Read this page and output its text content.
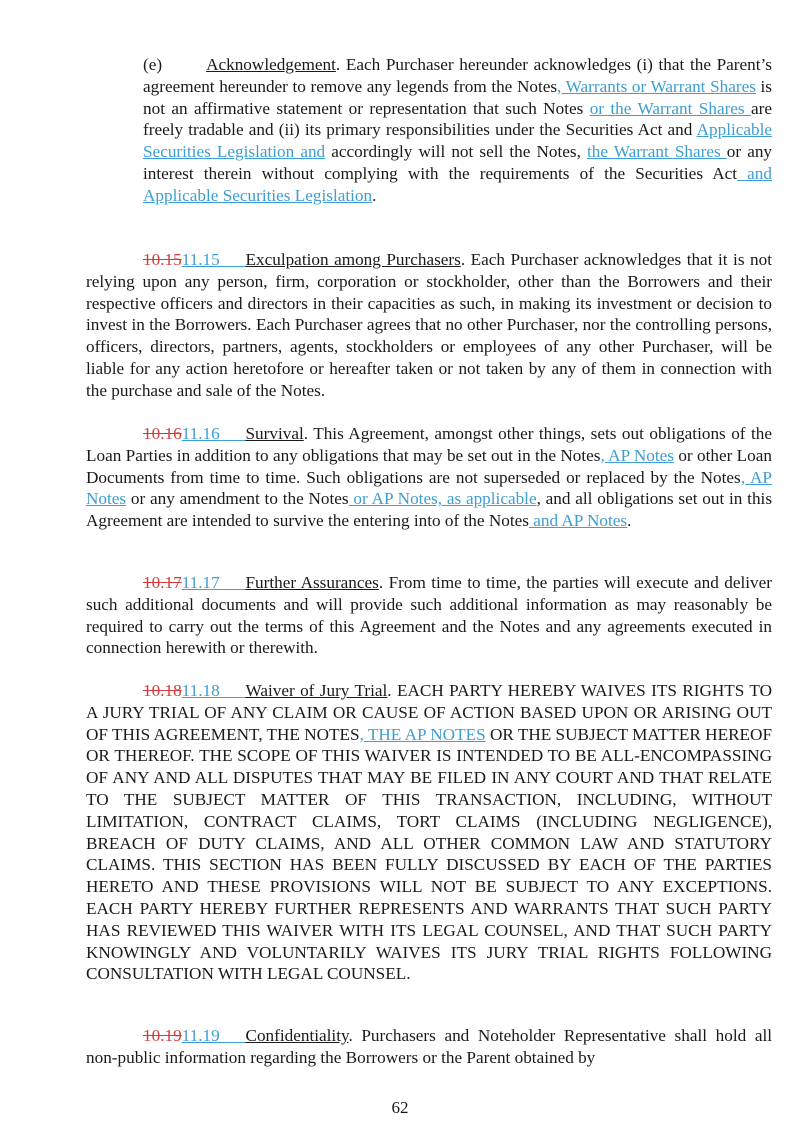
(e)	Acknowledgement. Each Purchaser hereunder acknowledges (i) that the Parent’s agreement hereunder to remove any legends from the Notes, Warrants or Warrant Shares is not an affirmative statement or representation that such Notes or the Warrant Shares are freely tradable and (ii) its primary responsibilities under the Securities Act and Applicable Securities Legislation and accordingly will not sell the Notes, the Warrant Shares or any interest therein without complying with the requirements of the Securities Act and Applicable Securities Legislation.

10.1511.15   Exculpation among Purchasers. Each Purchaser acknowledges that it is not relying upon any person, firm, corporation or stockholder, other than the Borrowers and their respective officers and directors in their capacities as such, in making its investment or decision to invest in the Borrowers. Each Purchaser agrees that no other Purchaser, nor the controlling persons, officers, directors, partners, agents, stockholders or employees of any other Purchaser, will be liable for any action heretofore or hereafter taken or not taken by any of them in connection with the purchase and sale of the Notes.

10.1611.16   Survival. This Agreement, amongst other things, sets out obligations of the Loan Parties in addition to any obligations that may be set out in the Notes, AP Notes or other Loan Documents from time to time. Such obligations are not superseded or replaced by the Notes, AP Notes or any amendment to the Notes or AP Notes, as applicable, and all obligations set out in this Agreement are intended to survive the entering into of the Notes and AP Notes.

10.1711.17   Further Assurances. From time to time, the parties will execute and deliver such additional documents and will provide such additional information as may reasonably be required to carry out the terms of this Agreement and the Notes and any agreements executed in connection herewith or therewith.

10.1811.18   Waiver of Jury Trial. EACH PARTY HEREBY WAIVES ITS RIGHTS TO A JURY TRIAL OF ANY CLAIM OR CAUSE OF ACTION BASED UPON OR ARISING OUT OF THIS AGREEMENT, THE NOTES, THE AP NOTES OR THE SUBJECT MATTER HEREOF OR THEREOF. THE SCOPE OF THIS WAIVER IS INTENDED TO BE ALL-ENCOMPASSING OF ANY AND ALL DISPUTES THAT MAY BE FILED IN ANY COURT AND THAT RELATE TO THE SUBJECT MATTER OF THIS TRANSACTION, INCLUDING, WITHOUT LIMITATION, CONTRACT CLAIMS, TORT CLAIMS (INCLUDING NEGLIGENCE), BREACH OF DUTY CLAIMS, AND ALL OTHER COMMON LAW AND STATUTORY CLAIMS. THIS SECTION HAS BEEN FULLY DISCUSSED BY EACH OF THE PARTIES HERETO AND THESE PROVISIONS WILL NOT BE SUBJECT TO ANY EXCEPTIONS. EACH PARTY HEREBY FURTHER REPRESENTS AND WARRANTS THAT SUCH PARTY HAS REVIEWED THIS WAIVER WITH ITS LEGAL COUNSEL, AND THAT SUCH PARTY KNOWINGLY AND VOLUNTARILY WAIVES ITS JURY TRIAL RIGHTS FOLLOWING CONSULTATION WITH LEGAL COUNSEL.

10.1911.19   Confidentiality. Purchasers and Noteholder Representative shall hold all non-public information regarding the Borrowers or the Parent obtained by

62
